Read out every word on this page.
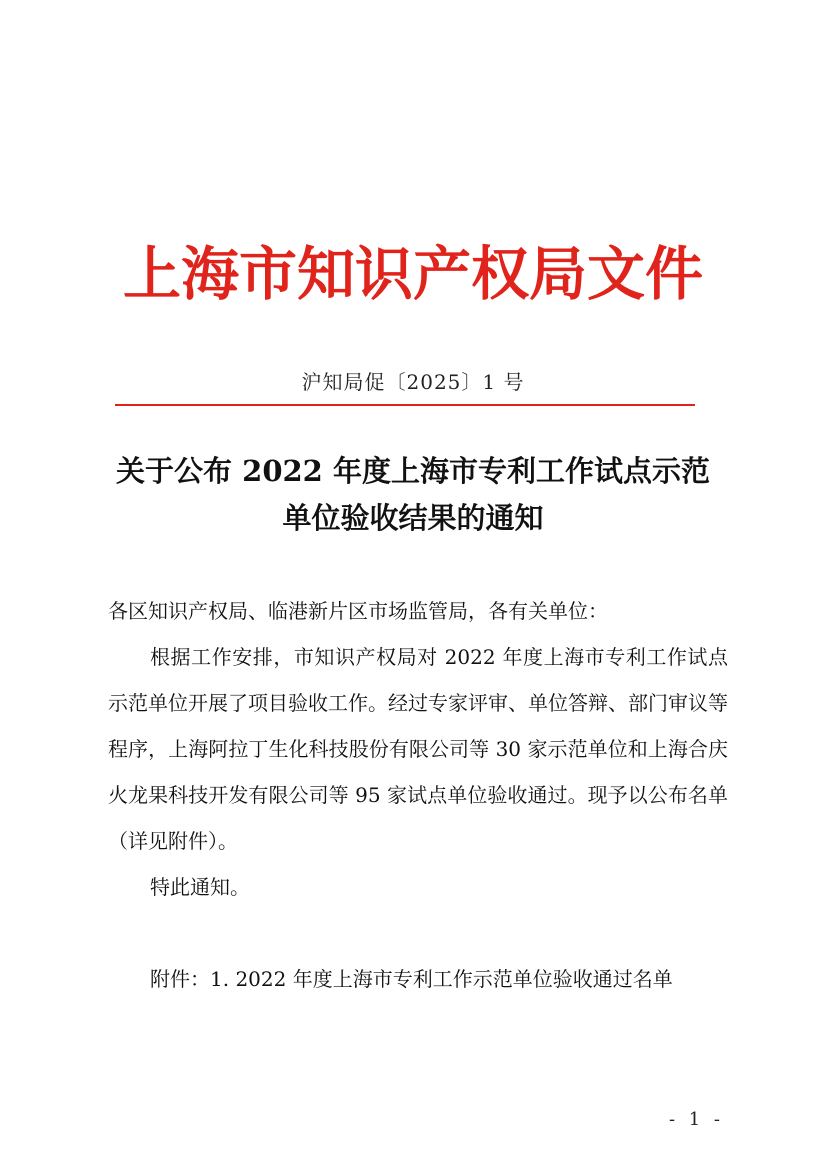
上海市知识产权局文件
沪知局促〔2025〕1 号
关于公布 2022 年度上海市专利工作试点示范
单位验收结果的通知
各区知识产权局、临港新片区市场监管局，各有关单位：
根据工作安排，市知识产权局对 2022 年度上海市专利工作试点示范单位开展了项目验收工作。经过专家评审、单位答辩、部门审议等程序，上海阿拉丁生化科技股份有限公司等 30 家示范单位和上海合庆火龙果科技开发有限公司等 95 家试点单位验收通过。现予以公布名单（详见附件）。
特此通知。
附件：1. 2022 年度上海市专利工作示范单位验收通过名单
- 1 -
